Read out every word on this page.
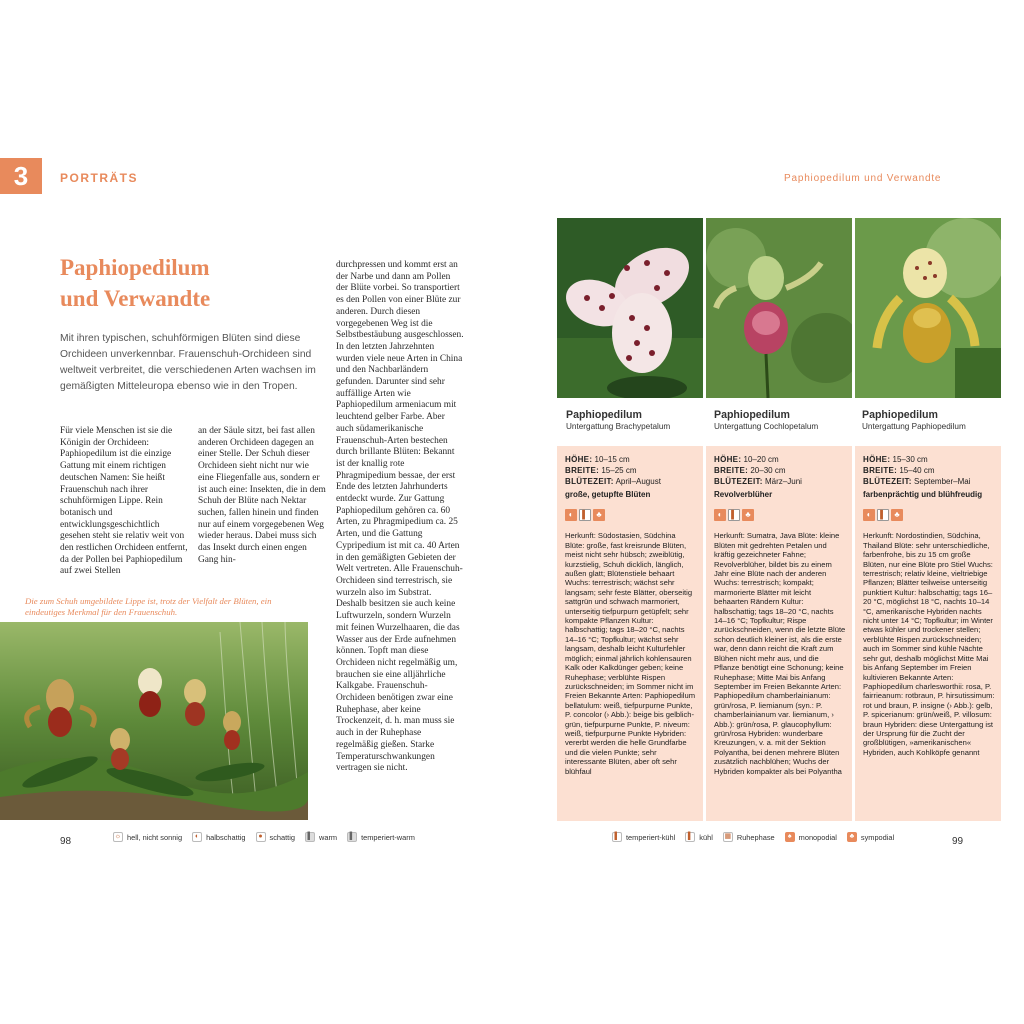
3	PORTRÄTS
Paphiopedilum
und Verwandte
Mit ihren typischen, schuhförmigen Blüten sind diese Orchideen unverkennbar. Frauenschuh-Orchideen sind weltweit verbreitet, die verschiedenen Arten wachsen im gemäßigten Mitteleuropa ebenso wie in den Tropen.
Für viele Menschen ist sie die Königin der Orchideen: Paphiopedilum ist die einzige Gattung mit einem richtigen deutschen Namen: Sie heißt Frauenschuh nach ihrer schuhförmigen Lippe. Rein botanisch und entwicklungsgeschichtlich gesehen steht sie relativ weit von den restlichen Orchideen entfernt, da der Pollen bei Paphiopedilum auf zwei Stellen
an der Säule sitzt, bei fast allen anderen Orchideen dagegen an einer Stelle. Der Schuh dieser Orchideen sieht nicht nur wie eine Fliegenfalle aus, sondern er ist auch eine: Insekten, die in dem Schuh der Blüte nach Nektar suchen, fallen hinein und finden nur auf einem vorgegebenen Weg wieder heraus. Dabei muss sich das Insekt durch einen engen Gang hin-
durchpressen und kommt erst an der Narbe und dann am Pollen der Blüte vorbei. So transportiert es den Pollen von einer Blüte zur anderen. Durch diesen vorgegebenen Weg ist die Selbstbestäubung ausgeschlossen. In den letzten Jahrzehnten wurden viele neue Arten in China und den Nachbarländern gefunden. Darunter sind sehr auffällige Arten wie Paphiopedilum armeniacum mit leuchtend gelber Farbe. Aber auch südamerikanische Frauenschuh-Arten bestechen durch brillante Blüten: Bekannt ist der knallig rote Phragmipedium bessae, der erst Ende des letzten Jahrhunderts entdeckt wurde. Zur Gattung Paphiopedilum gehören ca. 60 Arten, zu Phragmipedium ca. 25 Arten, und die Gattung Cypripedium ist mit ca. 40 Arten in den gemäßigten Gebieten der Welt vertreten. Alle Frauenschuh-Orchideen sind terrestrisch, sie wurzeln also im Substrat. Deshalb besitzen sie auch keine Luftwurzeln, sondern Wurzeln mit feinen Wurzelhaaren, die das Wasser aus der Erde aufnehmen können. Topft man diese Orchideen nicht regelmäßig um, brauchen sie eine alljährliche Kalkgabe. Frauenschuh-Orchideen benötigen zwar eine Ruhephase, aber keine Trockenzeit, d. h. man muss sie auch in der Ruhephase regelmäßig gießen. Starke Temperaturschwankungen vertragen sie nicht.
Die zum Schuh umgebildete Lippe ist, trotz der Vielfalt der Blüten, ein eindeutiges Merkmal für den Frauenschuh.
98	☼ hell, nicht sonnig	◐ halbschattig	● schattig	▌ warm	▌ temperiert-warm
Paphiopedilum und Verwandte
Paphiopedilum
Untergattung Brachypetalum
Paphiopedilum
Untergattung Cochlopetalum
Paphiopedilum
Untergattung Paphiopedilum
HÖHE: 10–15 cm
BREITE: 15–25 cm
BLÜTEZEIT: April–August
große, getupfte Blüten
◐	▌	♣

Herkunft: Südostasien, Südchina Blüte: große, fast kreisrunde Blüten, meist nicht sehr hübsch; zweiblütig, kurzstielig, Schuh dicklich, länglich, außen glatt; Blütenstiele behaart Wuchs: terrestrisch; wächst sehr langsam; sehr feste Blätter, oberseitig sattgrün und schwach marmoriert, unterseitig tiefpurpurn getüpfelt; sehr kompakte Pflanzen Kultur: halbschattig; tags 18–20 °C, nachts 14–16 °C; Topfkultur; wächst sehr langsam, deshalb leicht Kulturfehler möglich; einmal jährlich kohlensauren Kalk oder Kalkdünger geben; keine Ruhephase; verblühte Rispen zurückschneiden; im Sommer nicht im Freien Bekannte Arten: Paphiopedilum bellatulum: weiß, tiefpurpurne Punkte, P. concolor (› Abb.): beige bis gelblich-grün, tiefpurpurne Punkte, P. niveum: weiß, tiefpurpurne Punkte Hybriden: vererbt werden die helle Grundfarbe und die vielen Punkte; sehr interessante Blüten, aber oft sehr blühfaul

HÖHE: 10–20 cm
BREITE: 20–30 cm
BLÜTEZEIT: März–Juni
Revolverblüher
◐	▌	♣

Herkunft: Sumatra, Java Blüte: kleine Blüten mit gedrehten Petalen und kräftig gezeichneter Fahne; Revolverblüher, bildet bis zu einem Jahr eine Blüte nach der anderen Wuchs: terrestrisch; kompakt; marmorierte Blätter mit leicht behaarten Rändern Kultur: halbschattig; tags 18–20 °C, nachts 14–16 °C; Topfkultur; Rispe zurückschneiden, wenn die letzte Blüte schon deutlich kleiner ist, als die erste war, denn dann reicht die Kraft zum Blühen nicht mehr aus, und die Pflanze benötigt eine Schonung; keine Ruhephase; Mitte Mai bis Anfang September im Freien Bekannte Arten: Paphiopedilum chamberlainianum: grün/rosa, P. liemianum (syn.: P. chamberlainianum var. liemianum, › Abb.): grün/rosa, P. glaucophyllum: grün/rosa Hybriden: wunderbare Kreuzungen, v. a. mit der Sektion Polyantha, bei denen mehrere Blüten zusätzlich nachblühen; Wuchs der Hybriden kompakter als bei Polyantha

HÖHE: 15–30 cm
BREITE: 15–40 cm
BLÜTEZEIT: September–Mai
farbenprächtig und blühfreudig
◐	▌	♣

Herkunft: Nordostindien, Südchina, Thailand Blüte: sehr unterschiedliche, farbenfrohe, bis zu 15 cm große Blüten, nur eine Blüte pro Stiel Wuchs: terrestrisch; relativ kleine, vieltriebige Pflanzen; Blätter teilweise unterseitig punktiert Kultur: halbschattig; tags 16–20 °C, möglichst 18 °C, nachts 10–14 °C, amerikanische Hybriden nachts nicht unter 14 °C; Topfkultur; im Winter etwas kühler und trockener stellen; verblühte Rispen zurückschneiden; auch im Sommer sind kühle Nächte sehr gut, deshalb möglichst Mitte Mai bis Anfang September im Freien kultivieren Bekannte Arten: Paphiopedilum charlesworthii: rosa, P. fairrieanum: rotbraun, P. hirsutissimum: rot und braun, P. insigne (› Abb.): gelb, P. spicerianum: grün/weiß, P. villosum: braun Hybriden: diese Untergattung ist der Ursprung für die Zucht der großblütigen, »amerikanischen« Hybriden, auch Kohlköpfe genannt

▌ temperiert-kühl	▌ kühl ▦ Ruhephase	♠ monopodial	♣ sympodial	99
